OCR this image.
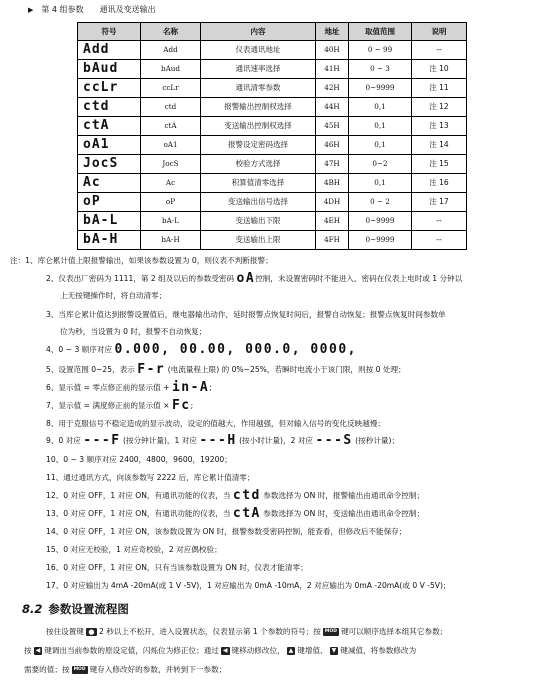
▶ 第 4 组参数 通讯及变送输出
符号	名称	内容	地址	取值范围	说明
Add	Add	仪表通讯地址	40H	0 ~ 99	--
bAud	bAud	通讯速率选择	41H	0 ~ 3	注 10
ccLr	ccLr	通讯清零参数	42H	0~9999	注 11
ctd	ctd	报警输出控制权选择	44H	0,1	注 12
ctA	ctA	变送输出控制权选择	45H	0,1	注 13
oA1	oA1	报警设定密码选择	46H	0,1	注 14
JocS	JocS	校验方式选择	47H	0~2	注 15
Ac	Ac	积算值清零选择	4BH	0,1	注 16
oP	oP	变送输出信号选择	4DH	0 ~ 2	注 17
bA-L	bA-L	变送输出下限	4EH	0~9999	--
bA-H	bA-H	变送输出上限	4FH	0~9999	--
注：1、库仑累计值上限报警输出，如果该参数设置为 0，则仪表不判断报警；
2、仪表出厂密码为 1111，第 2 组及以后的参数受密码 oA控制，未设置密码时不能进入，密码在仪表上电时或 1 分钟以
上无按键操作时，将自动清零；
3、当库仑累计值达到报警设置值后，继电器输出动作，延时报警点恢复时间后，报警自动恢复；报警点恢复时间参数单
位为秒，当设置为 0 时，报警不自动恢复；
4、0 ~ 3 顺序对应 0.000, 00.00, 000.0, 0000,
5、设置范围 0~25，表示 F-r (电流量程上限) 的 0%~25%，若瞬时电流小于该门限，则按 0 处理；
6、显示值 = 零点修正前的显示值 + in-A;
7、显示值 = 满度修正前的显示值 × Fc;
8、用于克服信号不稳定造成的显示波动，设定的值越大，作用越强，但对输入信号的变化反映越慢；
9、0 对应 ---F (按分钟计量)，1 对应 ---H (按小时计量)，2 对应 ---S (按秒计量)；
10、0 ~ 3 顺序对应 2400，4800，9600，19200；
11、通过通讯方式，向该参数写 2222 后，库仑累计值清零；
12、0 对应 OFF，1 对应 ON，有通讯功能的仪表，当 ctd 参数选择为 ON 时，报警输出由通讯命令控制；
13、0 对应 OFF，1 对应 ON，有通讯功能的仪表，当 ctA 参数选择为 ON 时，变送输出由通讯命令控制；
14、0 对应 OFF，1 对应 ON，该参数设置为 ON 时，报警参数受密码控制，能查看，但修改后不能保存；
15、0 对应无校验，1 对应奇校验，2 对应偶校验；
16、0 对应 OFF，1 对应 ON，只有当该参数设置为 ON 时，仪表才能清零；
17、0 对应输出为 4mA -20mA(或 1 V -5V)，1 对应输出为 0mA -10mA，2 对应输出为 0mA -20mA(或 0 V -5V)；
8.2 参数设置流程图
按住设置键 ● 2 秒以上不松开，进入设置状态，仪表显示第 1 个参数的符号；按 MOD 键可以顺序选择本组其它参数；
按 ◀ 键调出当前参数的原设定值，闪烁位为修正位；通过 ◀ 键移动修改位， ▲ 键增值、 ▼ 键减值，将参数修改为
需要的值；按 MOD 键存入修改好的参数，并转到下一参数；
